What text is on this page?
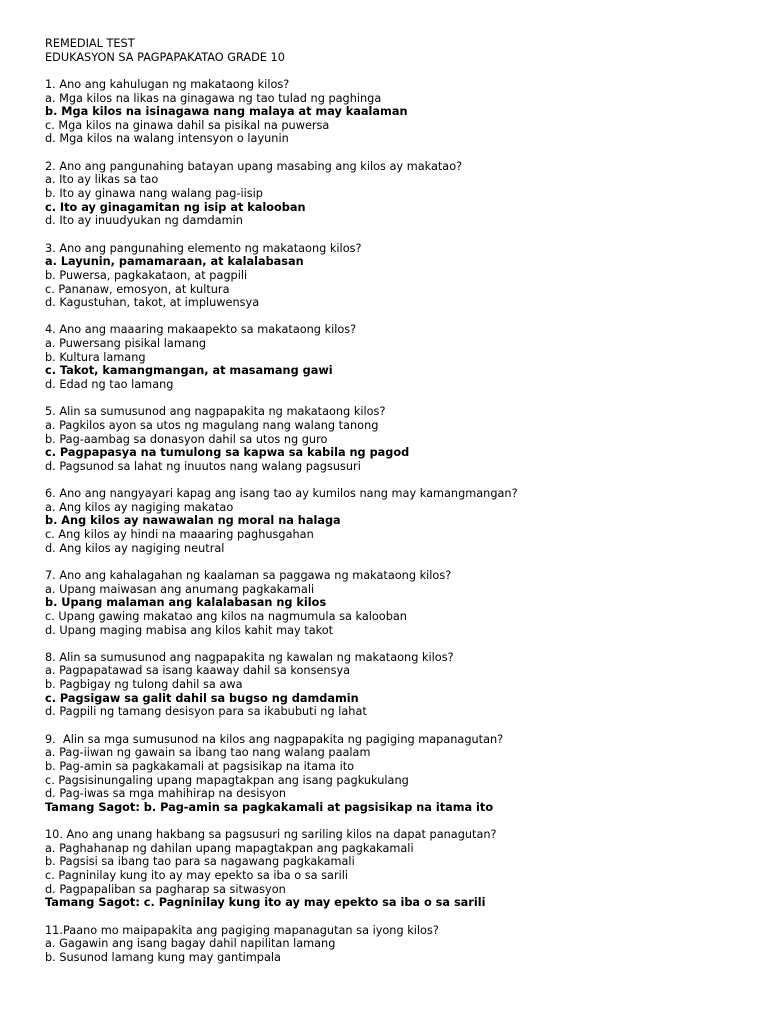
REMEDIAL TEST
EDUKASYON SA PAGPAPAKATAO GRADE 10
1. Ano ang kahulugan ng makataong kilos?
a. Mga kilos na likas na ginagawa ng tao tulad ng paghinga
b. Mga kilos na isinagawa nang malaya at may kaalaman
c. Mga kilos na ginawa dahil sa pisikal na puwersa
d. Mga kilos na walang intensyon o layunin
2. Ano ang pangunahing batayan upang masabing ang kilos ay makatao?
a. Ito ay likas sa tao
b. Ito ay ginawa nang walang pag-iisip
c. Ito ay ginagamitan ng isip at kalooban
d. Ito ay inuudyukan ng damdamin
3. Ano ang pangunahing elemento ng makataong kilos?
a. Layunin, pamamaraan, at kalalabasan
b. Puwersa, pagkakataon, at pagpili
c. Pananaw, emosyon, at kultura
d. Kagustuhan, takot, at impluwensya
4. Ano ang maaaring makaapekto sa makataong kilos?
a. Puwersang pisikal lamang
b. Kultura lamang
c. Takot, kamangmangan, at masamang gawi
d. Edad ng tao lamang
5. Alin sa sumusunod ang nagpapakita ng makataong kilos?
a. Pagkilos ayon sa utos ng magulang nang walang tanong
b. Pag-aambag sa donasyon dahil sa utos ng guro
c. Pagpapasya na tumulong sa kapwa sa kabila ng pagod
d. Pagsunod sa lahat ng inuutos nang walang pagsusuri
6. Ano ang nangyayari kapag ang isang tao ay kumilos nang may kamangmangan?
a. Ang kilos ay nagiging makatao
b. Ang kilos ay nawawalan ng moral na halaga
c. Ang kilos ay hindi na maaaring paghusgahan
d. Ang kilos ay nagiging neutral
7. Ano ang kahalagahan ng kaalaman sa paggawa ng makataong kilos?
a. Upang maiwasan ang anumang pagkakamali
b. Upang malaman ang kalalabasan ng kilos
c. Upang gawing makatao ang kilos na nagmumula sa kalooban
d. Upang maging mabisa ang kilos kahit may takot
8. Alin sa sumusunod ang nagpapakita ng kawalan ng makataong kilos?
a. Pagpapatawad sa isang kaaway dahil sa konsensya
b. Pagbigay ng tulong dahil sa awa
c. Pagsigaw sa galit dahil sa bugso ng damdamin
d. Pagpili ng tamang desisyon para sa ikabubuti ng lahat
9.  Alin sa mga sumusunod na kilos ang nagpapakita ng pagiging mapanagutan?
a. Pag-iiwan ng gawain sa ibang tao nang walang paalam
b. Pag-amin sa pagkakamali at pagsisikap na itama ito
c. Pagsisinungaling upang mapagtakpan ang isang pagkukulang
d. Pag-iwas sa mga mahihirap na desisyon
Tamang Sagot: b. Pag-amin sa pagkakamali at pagsisikap na itama ito
10. Ano ang unang hakbang sa pagsusuri ng sariling kilos na dapat panagutan?
a. Paghahanap ng dahilan upang mapagtakpan ang pagkakamali
b. Pagsisi sa ibang tao para sa nagawang pagkakamali
c. Pagninilay kung ito ay may epekto sa iba o sa sarili
d. Pagpapaliban sa pagharap sa sitwasyon
Tamang Sagot: c. Pagninilay kung ito ay may epekto sa iba o sa sarili
11.Paano mo maipapakita ang pagiging mapanagutan sa iyong kilos?
a. Gagawin ang isang bagay dahil napilitan lamang
b. Susunod lamang kung may gantimpala
